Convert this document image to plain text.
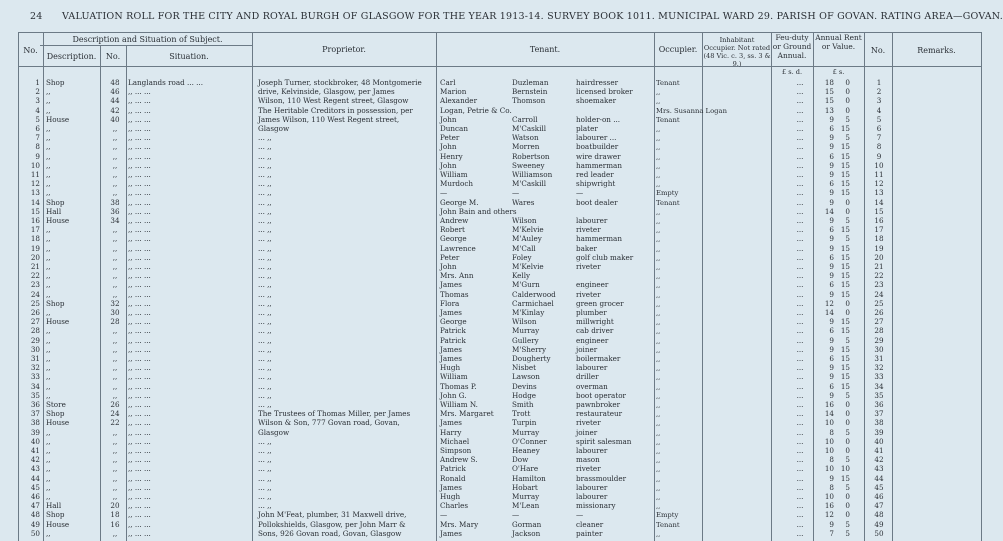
24 VALUATION ROLL FOR THE CITY AND ROYAL BURGH OF GLASGOW FOR THE YEAR 1913-14. SURVEY BOOK 1011. MUNICIPAL WARD 29. PARISH OF GOVAN. RATING AREA—GOVAN.
No.
Description and Situation of Subject.
Description.	No.	Situation.
Proprietor.	Tenant.	Occupier.
Inhabitant Occupier. Not rated (48 Vic. c. 3, ss. 3 & 9.)
Feu-duty or Ground Annual.
Annual Rent or Value.	No.	Remarks.
£ s. d.	£ s.
1 Shop	48	Langlands road ... ...	Joseph Turner, stockbroker, 48 Montgomerie	Carl	Duzleman	hairdresser	Tenant	...	18	0	1
2 ,,	46	,, ... ...	drive, Kelvinside, Glasgow, per James	Marion	Bernstein	licensed broker	,,	...	15	0	2
3 ,,	44	,, ... ...	Wilson, 110 West Regent street, Glasgow	Alexander	Thomson	shoemaker	,,	...	15	0	3
4 ,,	42	,, ... ...	The Heritable Creditors in possession, per	Logan, Petrie & Co.	Mrs. Susanna Logan	...	13	0	4
5 House	40	,, ... ...	James Wilson, 110 West Regent street,	John	Carroll	holder-on ...	Tenant	...	9	5	5
6 ,,	,,	,, ... ...	Glasgow	Duncan	M'Caskill	plater	,,	...	6 15	6
7 ,,	,,	,, ... ...	... ,,	Peter	Watson	labourer ...	,,	...	9	5	7
8 ,,	,,	,, ... ...	... ,,	John	Morren	boatbuilder	,,	...	9 15	8
9 ,,	,,	,, ... ...	... ,,	Henry	Robertson	wire drawer	,,	...	6 15	9
10 ,,	,,	,, ... ...	... ,,	John	Sweeney	hammerman	,,	...	9 15	10
11 ,,	,,	,, ... ...	... ,,	William	Williamson	red leader	,,	...	9 15	11
12 ,,	,,	,, ... ...	... ,,	Murdoch	M'Caskill	shipwright	,,	...	6 15	12
13 ,,	,,	,, ... ...	... ,,	—	—	—	Empty	...	9 15	13
14 Shop	38	,, ... ...	... ,,	George M.	Wares	boot dealer	Tenant	...	9	0	14
15 Hall	36	,, ... ...	... ,,	John Bain and others	,,	...	14	0	15
16 House	34	,, ... ...	... ,,	Andrew	Wilson	labourer	,,	...	9	5	16
17 ,,	,,	,, ... ...	... ,,	Robert	M'Kelvie	riveter	,,	...	6 15	17
18 ,,	,,	,, ... ...	... ,,	George	M'Auley	hammerman	,,	...	9	5	18
19 ,,	,,	,, ... ...	... ,,	Lawrence	M'Call	baker	,,	...	9 15	19
20 ,,	,,	,, ... ...	... ,,	Peter	Foley	golf club maker	,,	...	6 15	20
21 ,,	,,	,, ... ...	... ,,	John	M'Kelvie	riveter	,,	...	9 15	21
22 ,,	,,	,, ... ...	... ,,	Mrs. Ann	Kelly	,,	...	9 15	22
23 ,,	,,	,, ... ...	... ,,	James	M'Gurn	engineer	,,	...	6 15	23
24 ,,	,,	,, ... ...	... ,,	Thomas	Calderwood	riveter	,,	...	9 15	24
25 Shop	32	,, ... ...	... ,,	Flora	Carmichael	green grocer	,,	...	12	0	25
26 ,,	30	,, ... ...	... ,,	James	M'Kinlay	plumber	,,	...	14	0	26
27 House	28	,, ... ...	... ,,	George	Wilson	millwright	,,	...	9 15	27
28 ,,	,,	,, ... ...	... ,,	Patrick	Murray	cab driver	,,	...	6 15	28
29 ,,	,,	,, ... ...	... ,,	Patrick	Gullery	engineer	,,	...	9	5	29
30 ,,	,,	,, ... ...	... ,,	James	M'Sherry	joiner	,,	...	9 15	30
31 ,,	,,	,, ... ...	... ,,	James	Dougherty	boilermaker	,,	...	6 15	31
32 ,,	,,	,, ... ...	... ,,	Hugh	Nisbet	labourer	,,	...	9 15	32
33 ,,	,,	,, ... ...	... ,,	William	Lawson	driller	,,	...	9 15	33
34 ,,	,,	,, ... ...	... ,,	Thomas P.	Devins	overman	,,	...	6 15	34
35 ,,	,,	,, ... ...	... ,,	John G.	Hodge	boot operator	,,	...	9	5	35
36 Store	26	,, ... ...	... ,,	William N.	Smith	pawnbroker	,,	...	16	0	36
37 Shop	24	,, ... ...	The Trustees of Thomas Miller, per James	Mrs. Margaret	Trott	restaurateur	,,	...	14	0	37
38 House	22	,, ... ...	Wilson & Son, 777 Govan road, Govan,	James	Turpin	riveter	,,	...	10	0	38
39 ,,	,,	,, ... ...	Glasgow	Harry	Murray	joiner	,,	...	8	5	39
40 ,,	,,	,, ... ...	... ,,	Michael	O'Conner	spirit salesman	,,	...	10	0	40
41 ,,	,,	,, ... ...	... ,,	Simpson	Heaney	labourer	,,	...	10	0	41
42 ,,	,,	,, ... ...	... ,,	Andrew S.	Dow	mason	,,	...	8	5	42
43 ,,	,,	,, ... ...	... ,,	Patrick	O'Hare	riveter	,,	...	10 10	43
44 ,,	,,	,, ... ...	... ,,	Ronald	Hamilton	brassmoulder	,,	...	9 15	44
45 ,,	,,	,, ... ...	... ,,	James	Hobart	labourer	,,	...	8	5	45
46 ,,	,,	,, ... ...	... ,,	Hugh	Murray	labourer	,,	...	10	0	46
47 Hall	20	,, ... ...	... ,,	Charles	M'Lean	missionary	,,	...	16	0	47
48 Shop	18	,, ... ...	John M'Feat, plumber, 31 Maxwell drive,	—	—	—	Empty	...	12	0	48
49 House	16	,, ... ...	Pollokshields, Glasgow, per John Marr &	Mrs. Mary	Gorman	cleaner	Tenant	...	9	5	49
50 ,,	,,	,, ... ...	Sons, 926 Govan road, Govan, Glasgow	James	Jackson	painter	,,	...	7	5	50
